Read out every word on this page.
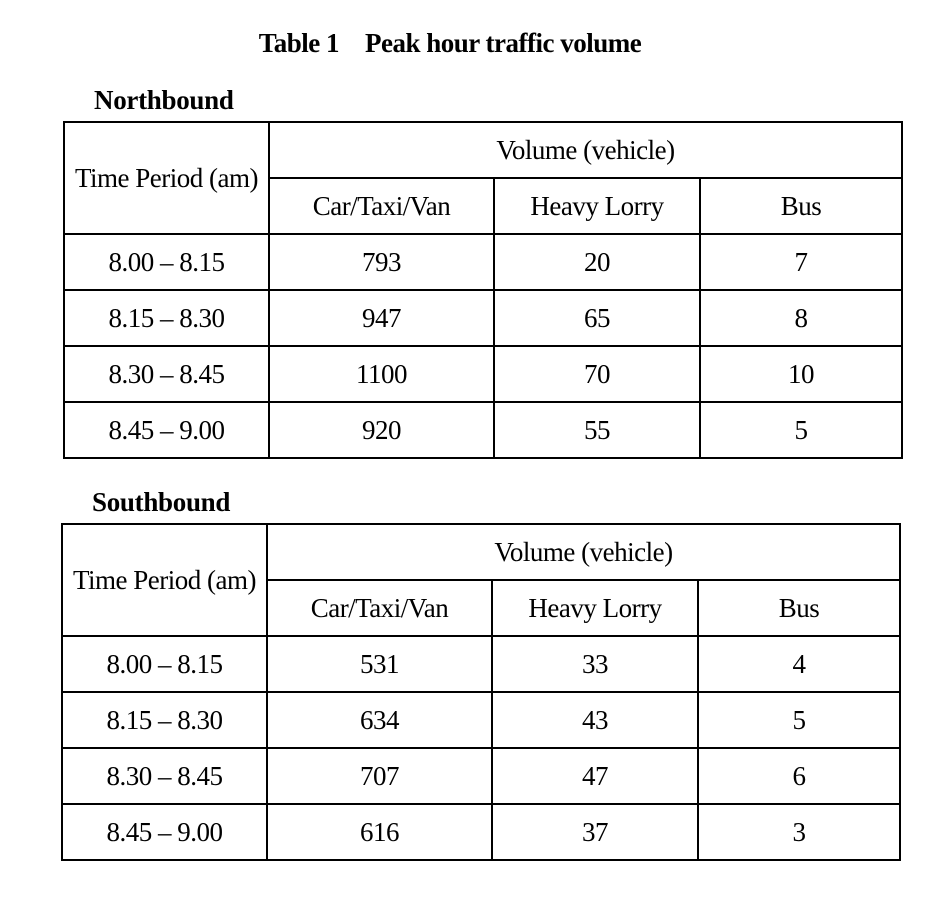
Table 1 Peak hour traffic volume
Northbound
Time Period (am)	Volume (vehicle)		
	Car/Taxi/Van	Heavy Lorry	Bus
8.00 – 8.15	793	20	7
8.15 – 8.30	947	65	8
8.30 – 8.45	1100	70	10
8.45 – 9.00	920	55	5
Southbound
Time Period (am)	Volume (vehicle)		
	Car/Taxi/Van	Heavy Lorry	Bus
8.00 – 8.15	531	33	4
8.15 – 8.30	634	43	5
8.30 – 8.45	707	47	6
8.45 – 9.00	616	37	3
